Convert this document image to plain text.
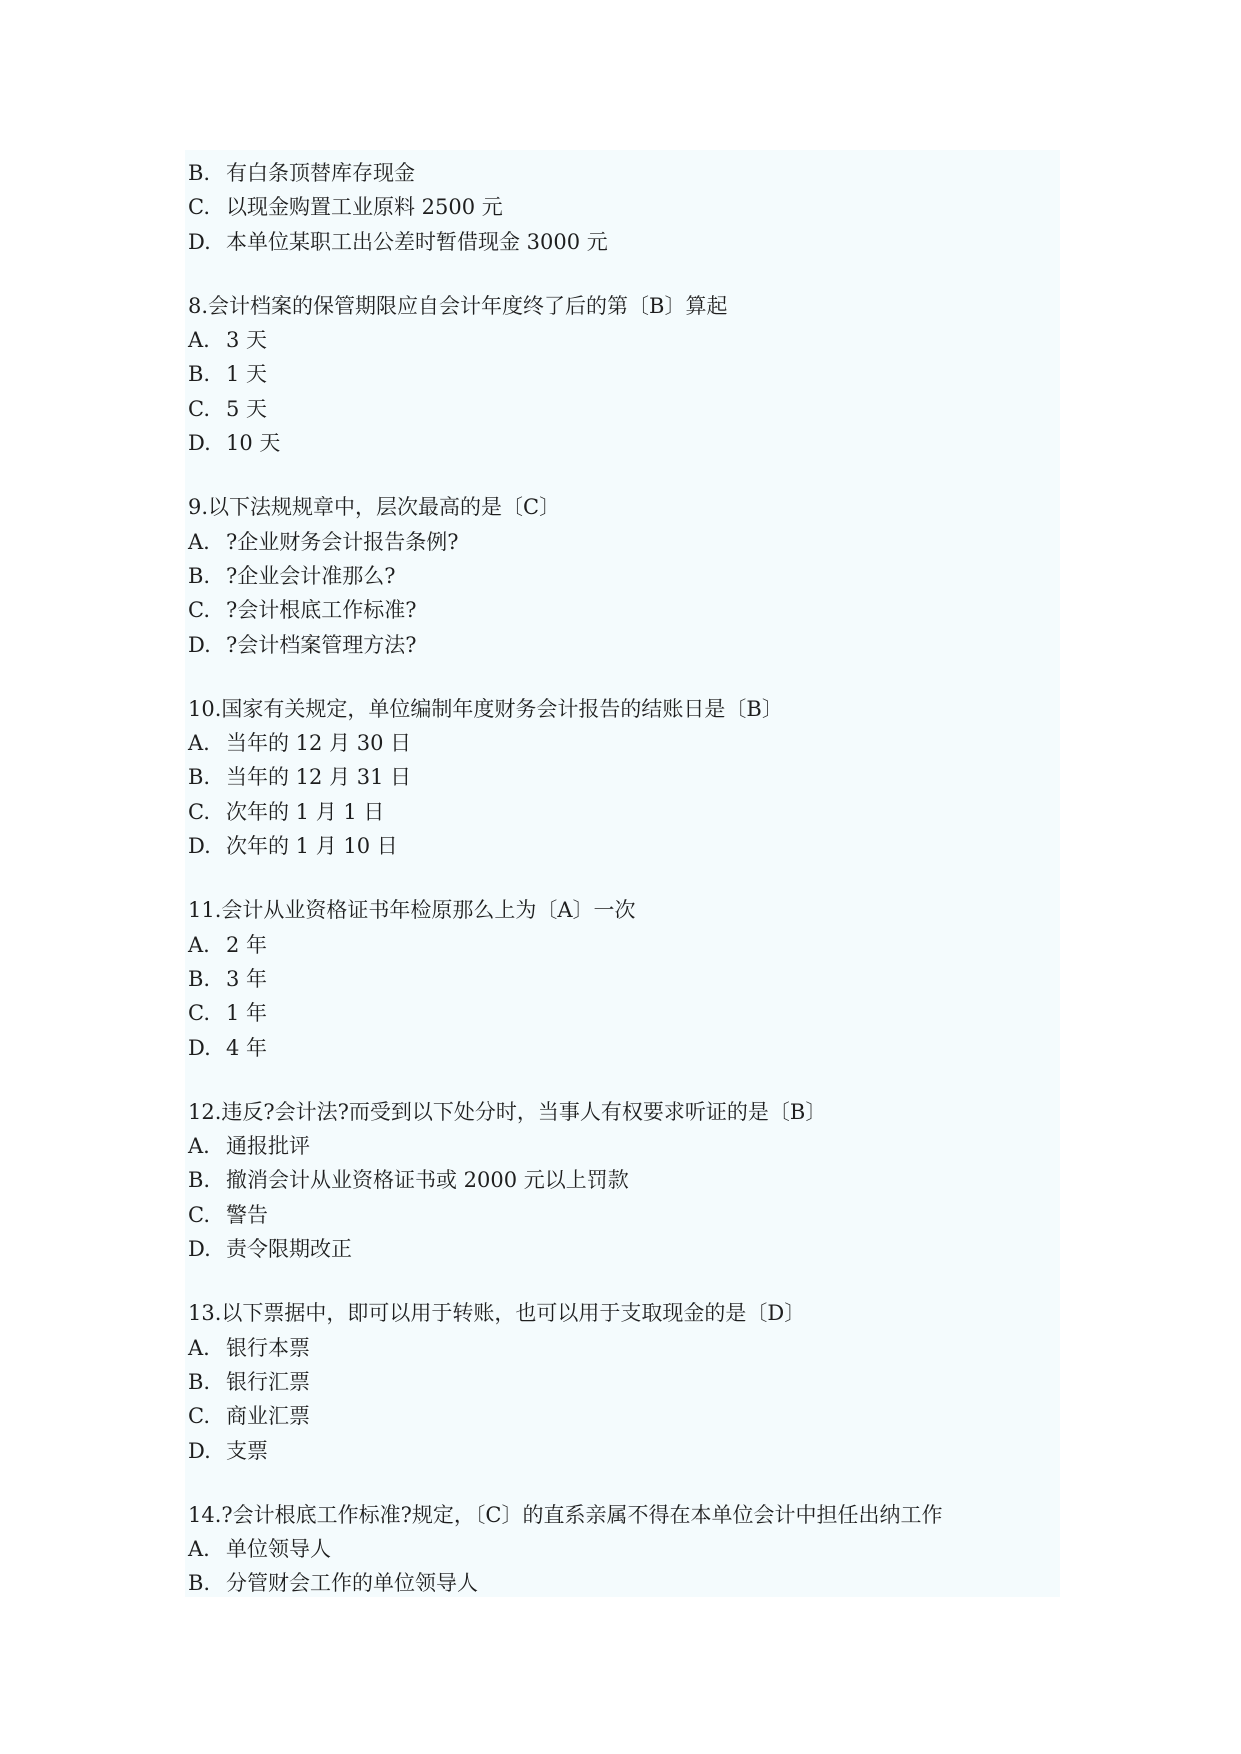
B. 有白条顶替库存现金
C. 以现金购置工业原料 2500 元
D. 本单位某职工出公差时暂借现金 3000 元
8.会计档案的保管期限应自会计年度终了后的第〔B〕算起
A. 3 天
B. 1 天
C. 5 天
D. 10 天
9.以下法规规章中，层次最高的是〔C〕
A. ?企业财务会计报告条例?
B. ?企业会计准那么?
C. ?会计根底工作标准?
D. ?会计档案管理方法?
10.国家有关规定，单位编制年度财务会计报告的结账日是〔B〕
A. 当年的 12 月 30 日
B. 当年的 12 月 31 日
C. 次年的 1 月 1 日
D. 次年的 1 月 10 日
11.会计从业资格证书年检原那么上为〔A〕一次
A. 2 年
B. 3 年
C. 1 年
D. 4 年
12.违反?会计法?而受到以下处分时，当事人有权要求听证的是〔B〕
A. 通报批评
B. 撤消会计从业资格证书或 2000 元以上罚款
C. 警告
D. 责令限期改正
13.以下票据中，即可以用于转账，也可以用于支取现金的是〔D〕
A. 银行本票
B. 银行汇票
C. 商业汇票
D. 支票
14.?会计根底工作标准?规定，〔C〕的直系亲属不得在本单位会计中担任出纳工作
A. 单位领导人
B. 分管财会工作的单位领导人
